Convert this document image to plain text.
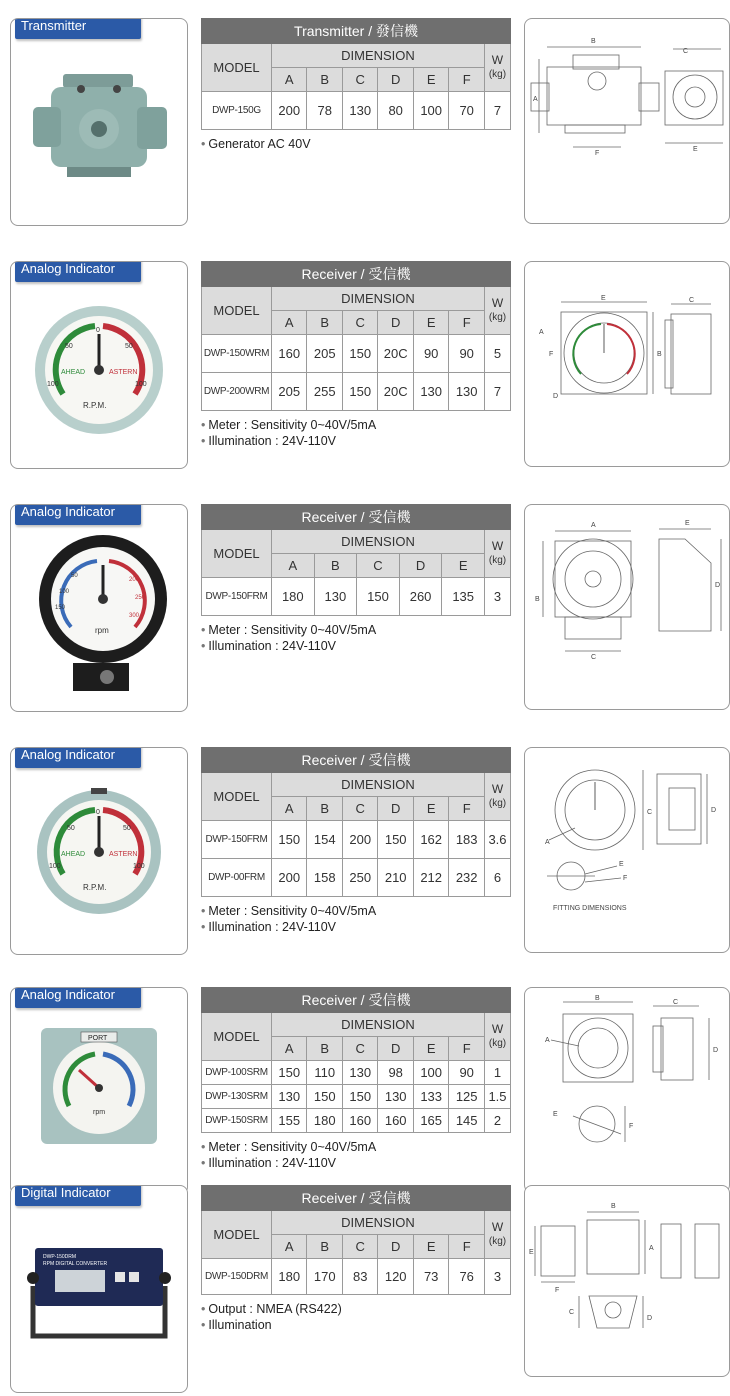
Transmitter	Transmitter / 發信機							
MODEL	DIMENSION						W
(kg)
	A	B	C	D	E	F	
DWP-150G	200	78	130	80	100	70	7
• Generator AC 40V
B
A
F
C
E
AHEAD	ASTERN
R.P.M.
0
50	50
100	100
Analog Indicator	Receiver / 受信機							
MODEL	DIMENSION						W
(kg)
	A	B	C	D	E	F	
DWP-150WRM	160	205	150	20C	90	90	5
DWP-200WRM	205	255	150	20C	130	130	7
• Meter : Sensitivity 0~40V/5mA
• Illumination : 24V-110V
E
B
A
F
D
C
rpm
50
100
150
200
250
300
Analog Indicator	Receiver / 受信機						
MODEL	DIMENSION					W
(kg)
	A	B	C	D	E	
DWP-150FRM	180	130	150	260	135	3
• Meter : Sensitivity 0~40V/5mA
• Illumination : 24V-110V
A
B
C
D
E
AHEAD	ASTERN
R.P.M.
0
50	50
100	100
Analog Indicator	Receiver / 受信機							
MODEL	DIMENSION						W
(kg)
	A	B	C	D	E	F	
DWP-150FRM	150	154	200	150	162	183	3.6
DWP-00FRM	200	158	250	210	212	232	6
• Meter : Sensitivity 0~40V/5mA
• Illumination : 24V-110V
A
C	D
E
F
FITTING DIMENSIONS
PORT
rpm
Analog Indicator	Receiver / 受信機							
MODEL	DIMENSION						W
(kg)
	A	B	C	D	E	F	
DWP-100SRM	150	110	130	98	100	90	1
DWP-130SRM	130	150	150	130	133	125	1.5
DWP-150SRM	155	180	160	160	165	145	2
• Meter : Sensitivity 0~40V/5mA
• Illumination : 24V-110V
B
A
C
D
E
F
DWP-150DRM
RPM DIGITAL CONVERTER
Digital Indicator	Receiver / 受信機							
MODEL	DIMENSION						W
(kg)
	A	B	C	D	E	F	
DWP-150DRM	180	170	83	120	73	76	3
• Output : NMEA (RS422)
• Illumination
B
A
E
F
C
D
